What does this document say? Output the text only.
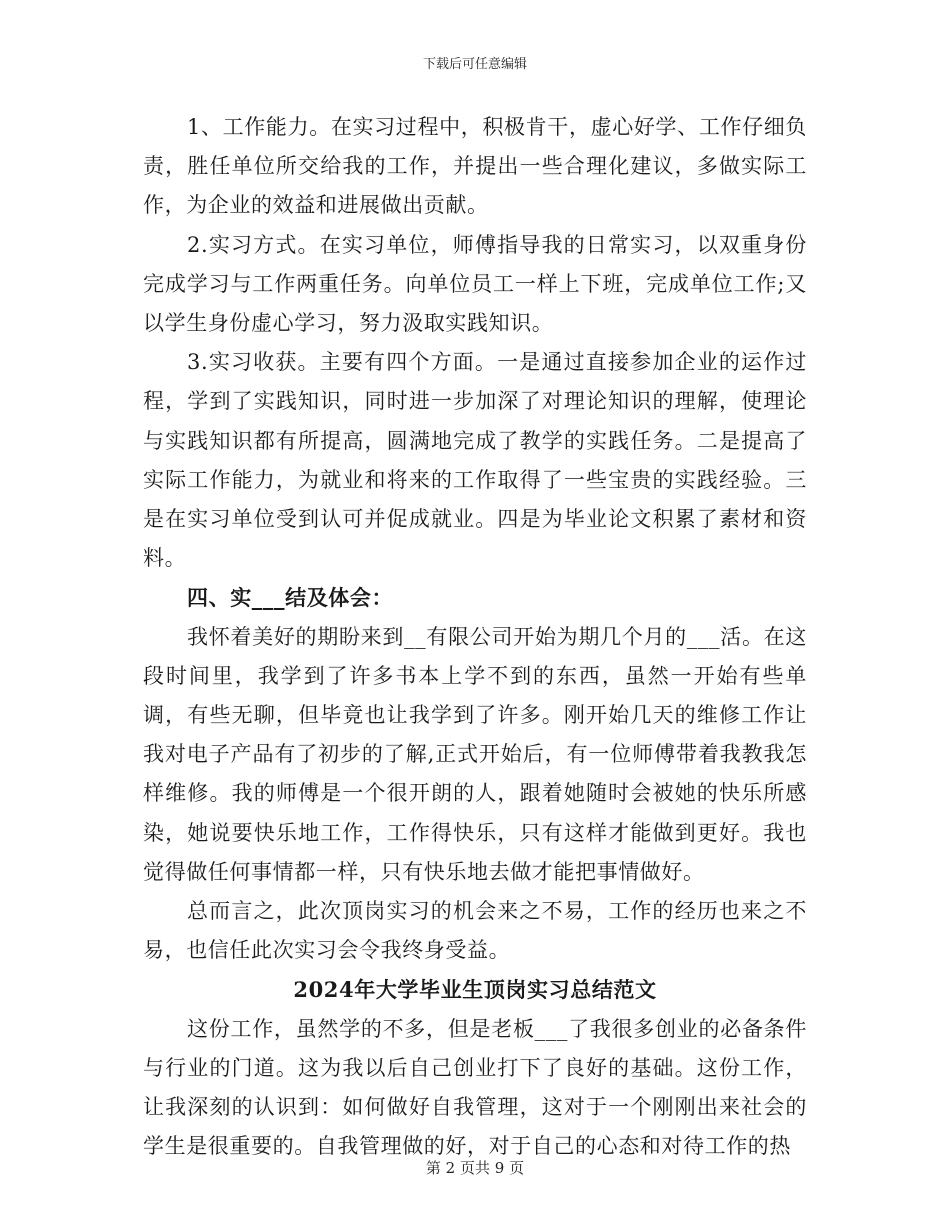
下载后可任意编辑

1、工作能力。在实习过程中，积极肯干，虚心好学、工作仔细负责，胜任单位所交给我的工作，并提出一些合理化建议，多做实际工作，为企业的效益和进展做出贡献。

2.实习方式。在实习单位，师傅指导我的日常实习，以双重身份完成学习与工作两重任务。向单位员工一样上下班，完成单位工作;又以学生身份虚心学习，努力汲取实践知识。

3.实习收获。主要有四个方面。一是通过直接参加企业的运作过程，学到了实践知识，同时进一步加深了对理论知识的理解，使理论与实践知识都有所提高，圆满地完成了教学的实践任务。二是提高了实际工作能力，为就业和将来的工作取得了一些宝贵的实践经验。三是在实习单位受到认可并促成就业。四是为毕业论文积累了素材和资料。

四、实___结及体会：

我怀着美好的期盼来到__有限公司开始为期几个月的___活。在这段时间里，我学到了许多书本上学不到的东西，虽然一开始有些单调，有些无聊，但毕竟也让我学到了许多。刚开始几天的维修工作让我对电子产品有了初步的了解,正式开始后，有一位师傅带着我教我怎样维修。我的师傅是一个很开朗的人，跟着她随时会被她的快乐所感染，她说要快乐地工作，工作得快乐，只有这样才能做到更好。我也觉得做任何事情都一样，只有快乐地去做才能把事情做好。

总而言之，此次顶岗实习的机会来之不易，工作的经历也来之不易，也信任此次实习会令我终身受益。

2024年大学毕业生顶岗实习总结范文

这份工作，虽然学的不多，但是老板___了我很多创业的必备条件与行业的门道。这为我以后自己创业打下了良好的基础。这份工作，让我深刻的认识到：如何做好自我管理，这对于一个刚刚出来社会的学生是很重要的。自我管理做的好，对于自己的心态和对待工作的热

第 2 页共 9 页
